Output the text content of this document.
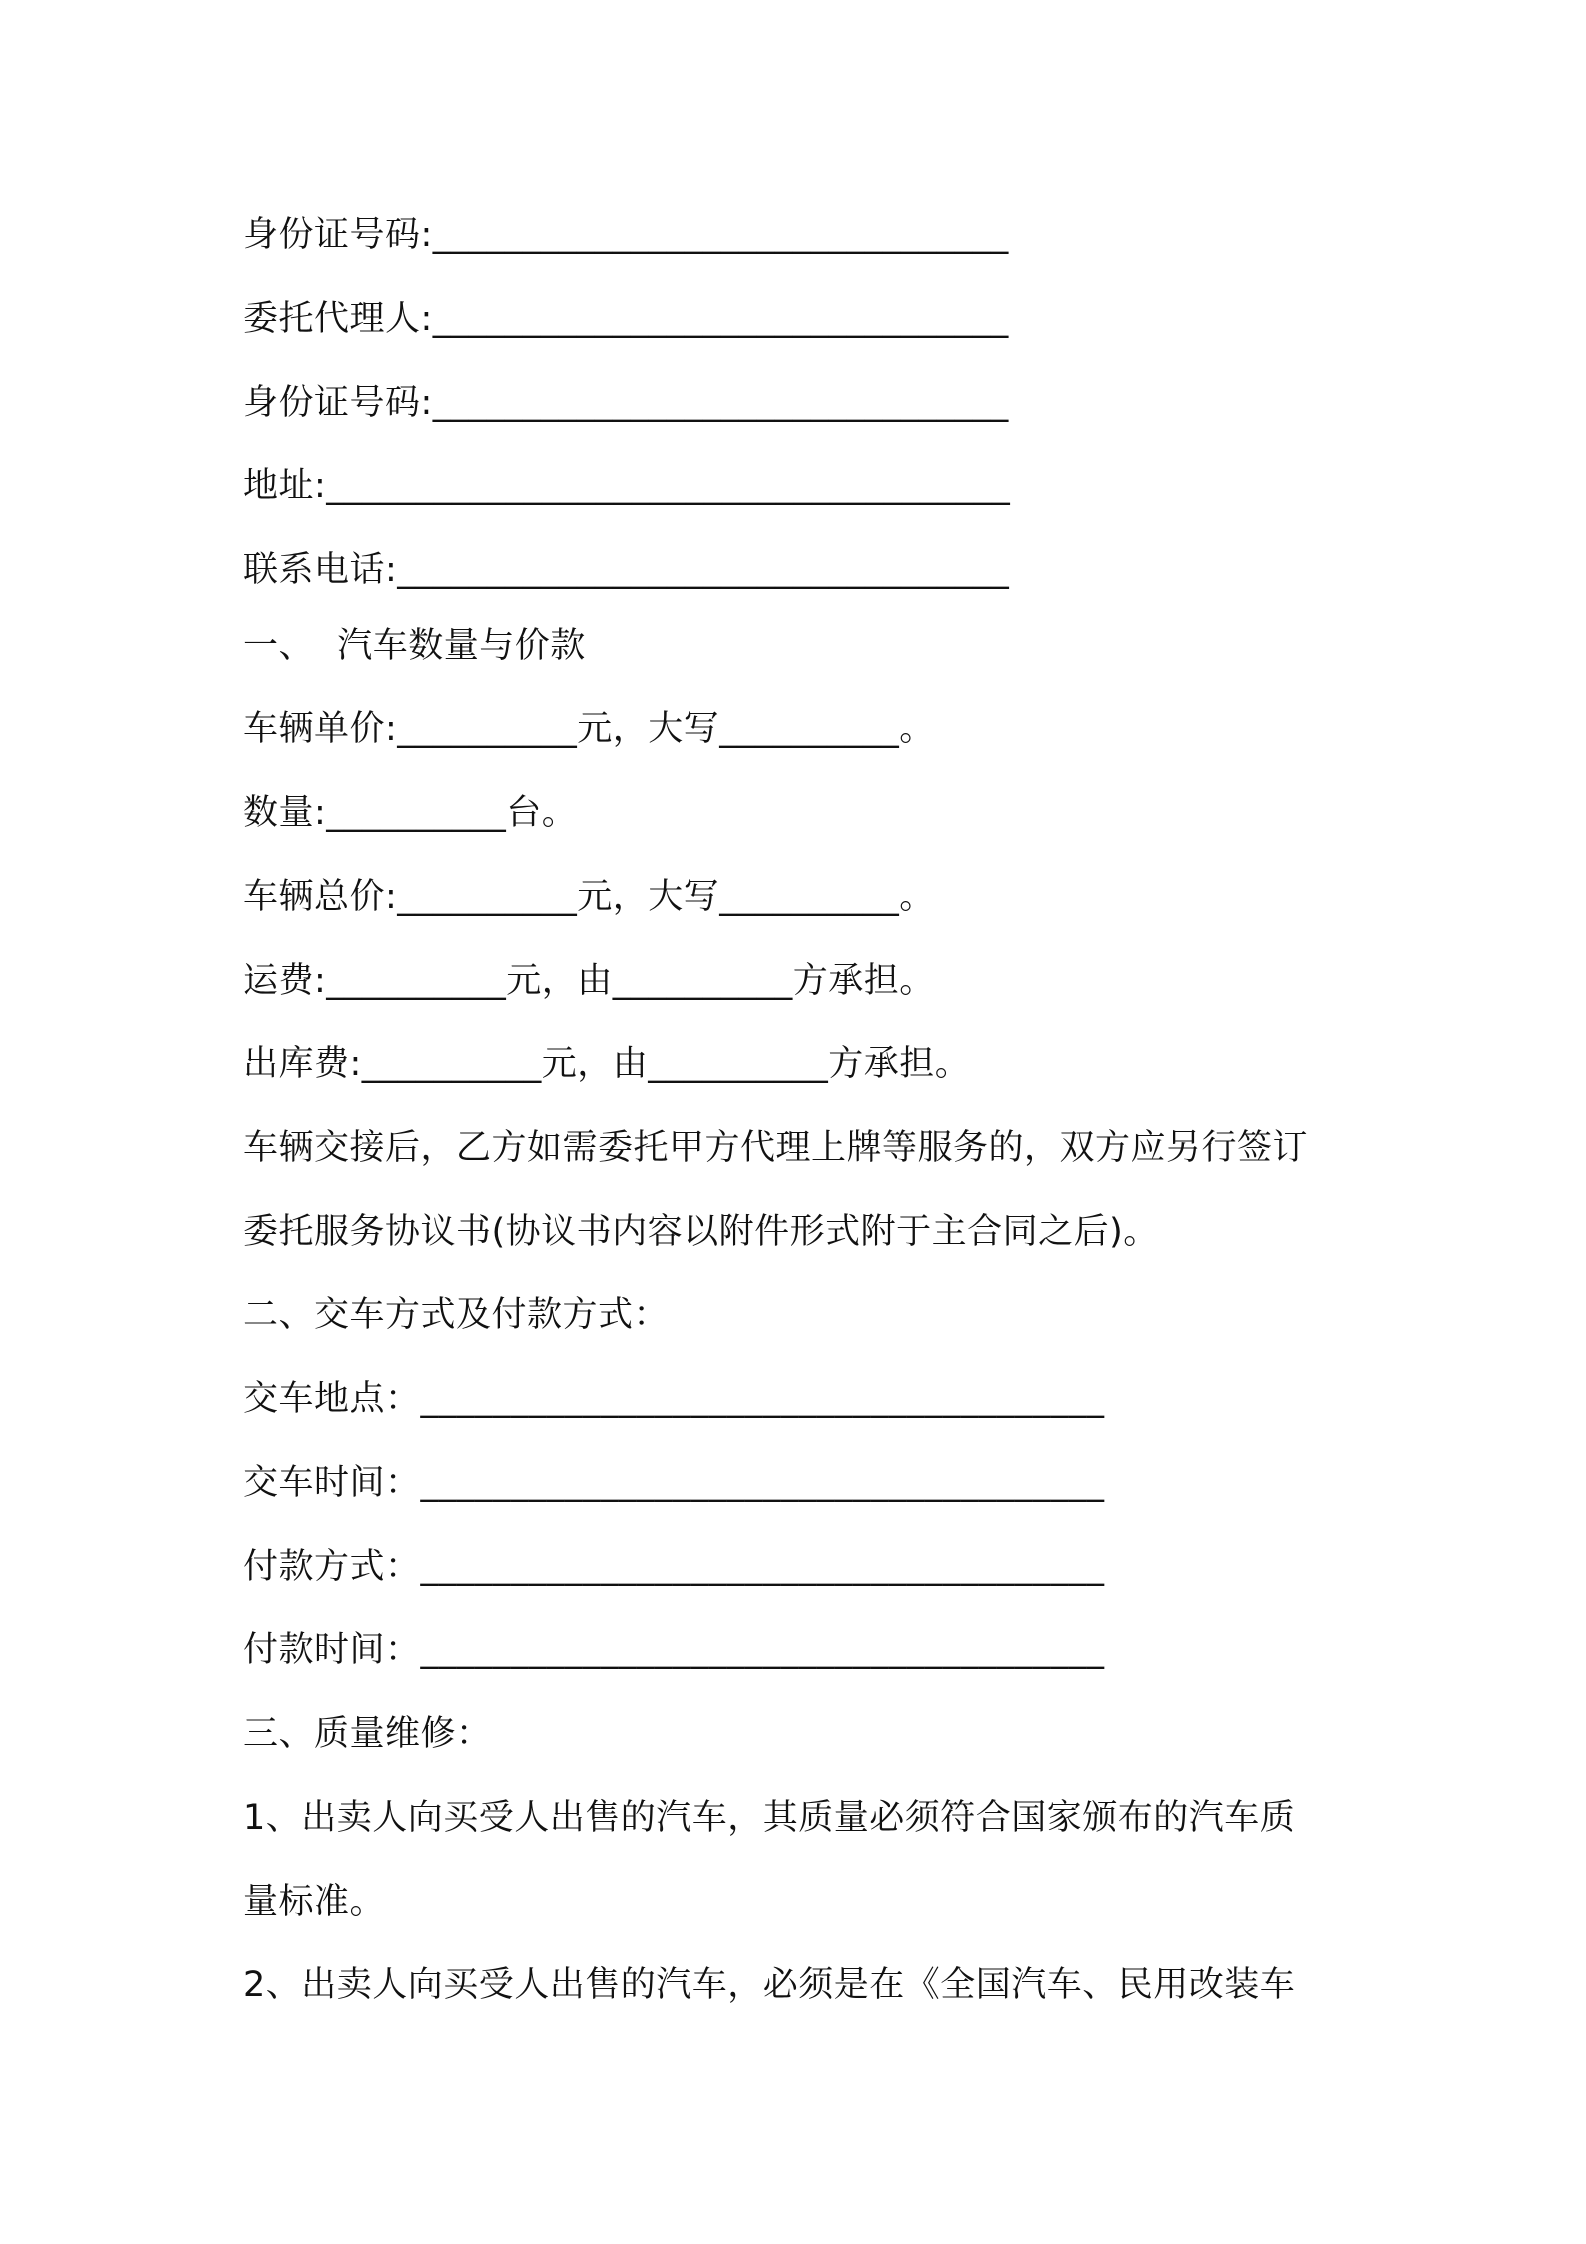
身份证号码:________________________________
委托代理人:________________________________
身份证号码:________________________________
地址:______________________________________
联系电话:__________________________________
一、  汽车数量与价款
车辆单价:__________元，大写__________。
数量:__________台。
车辆总价:__________元，大写__________。
运费:__________元，由__________方承担。
出库费:__________元，由__________方承担。
车辆交接后，乙方如需委托甲方代理上牌等服务的，双方应另行签订
委托服务协议书(协议书内容以附件形式附于主合同之后)。
二、交车方式及付款方式：
交车地点：______________________________________
交车时间：______________________________________
付款方式：______________________________________
付款时间：______________________________________
三、质量维修：
1、出卖人向买受人出售的汽车，其质量必须符合国家颁布的汽车质
量标准。
2、出卖人向买受人出售的汽车，必须是在《全国汽车、民用改装车
